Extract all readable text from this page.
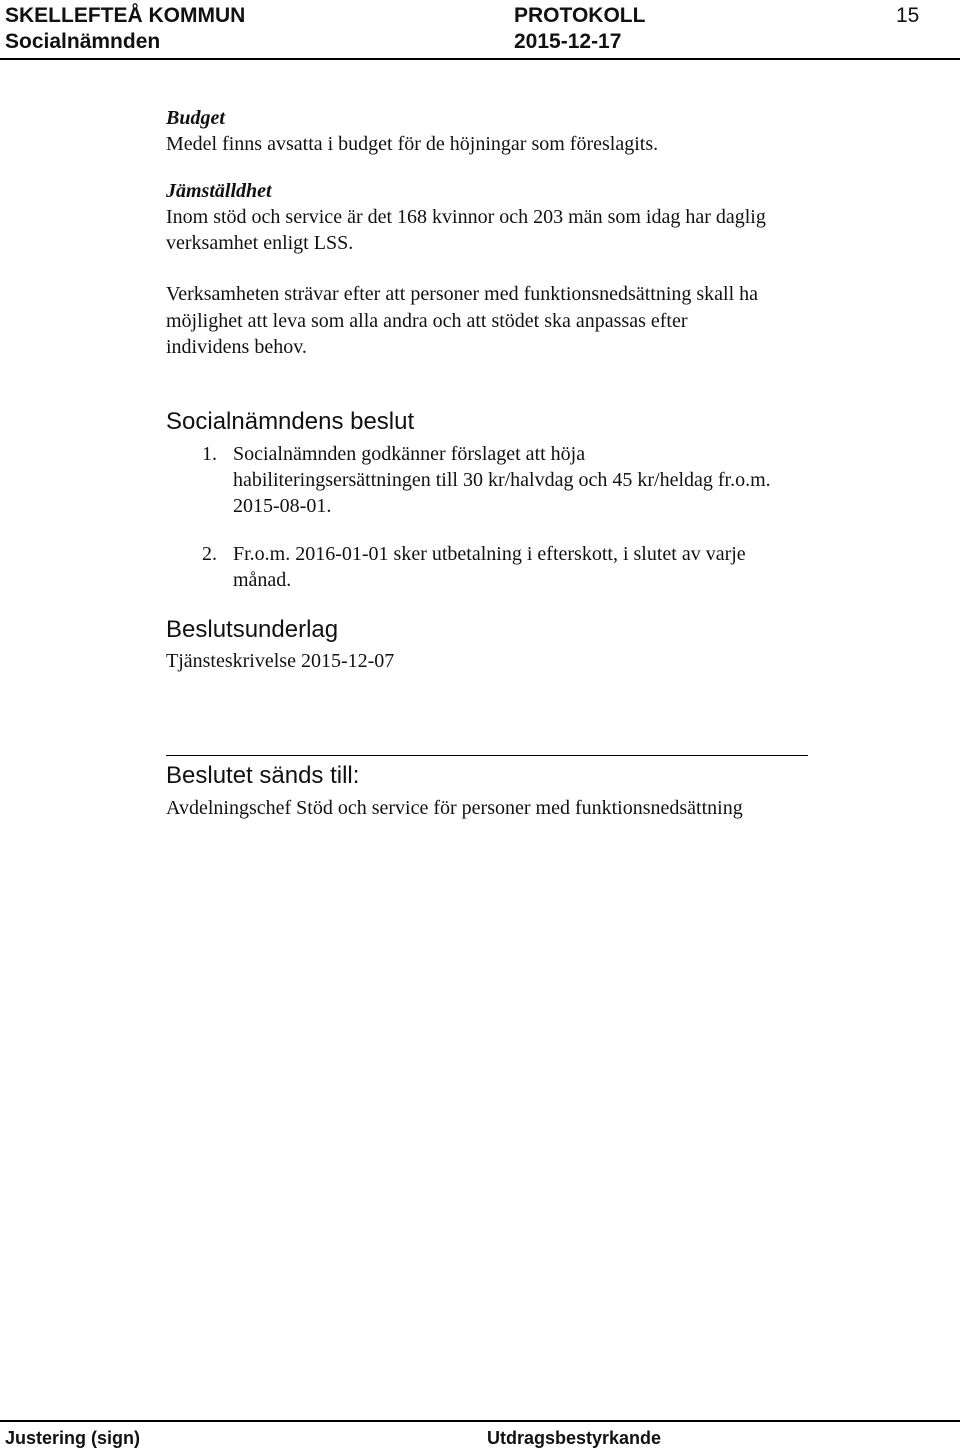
SKELLEFTEÅ KOMMUN	PROTOKOLL	15
Socialnämnden	2015-12-17
Budget
Medel finns avsatta i budget för de höjningar som föreslagits.
Jämställdhet
Inom stöd och service är det 168 kvinnor och 203 män som idag har daglig
verksamhet enligt LSS.
Verksamheten strävar efter att personer med funktionsnedsättning skall ha
möjlighet att leva som alla andra och att stödet ska anpassas efter
individens behov.
Socialnämndens beslut
1. Socialnämnden godkänner förslaget att höja
habiliteringsersättningen till 30 kr/halvdag och 45 kr/heldag fr.o.m.
2015-08-01.
2. Fr.o.m. 2016-01-01 sker utbetalning i efterskott, i slutet av varje
månad.
Beslutsunderlag
Tjänsteskrivelse 2015-12-07
Beslutet sänds till:
Avdelningschef Stöd och service för personer med funktionsnedsättning
Justering (sign)	Utdragsbestyrkande
